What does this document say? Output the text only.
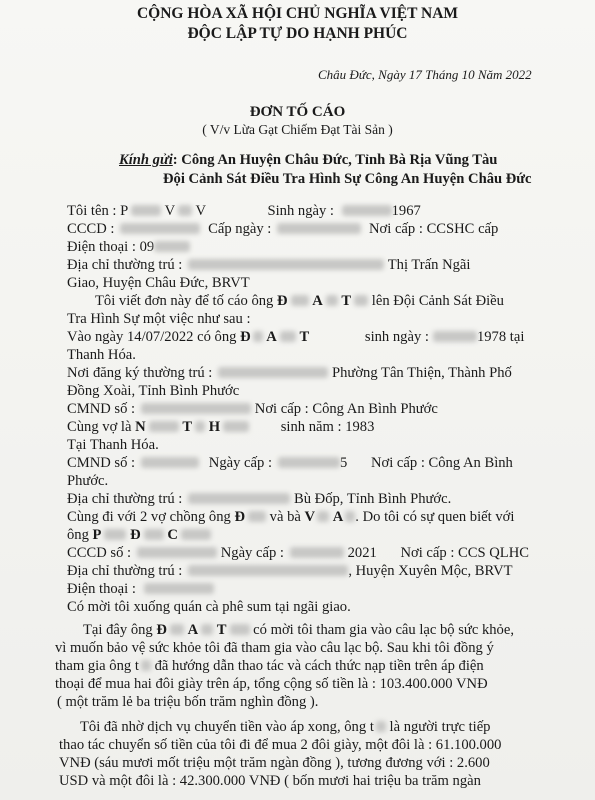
CỘNG HÒA XÃ HỘI CHỦ NGHĨA VIỆT NAM
ĐỘC LẬP TỰ DO HẠNH PHÚC
Châu Đức, Ngày 17 Tháng 10 Năm 2022
ĐƠN TỐ CÁO
( V/v Lừa Gạt Chiếm Đạt Tài Sản )
Kính gửi: Công An Huyện Châu Đức, Tỉnh Bà Rịa Vũng Tàu
Đội Cảnh Sát Điều Tra Hình Sự Công An Huyện Châu Đức
Tôi tên : P V V	Sinh ngày :	1967
CCCD :	Cấp ngày :	Nơi cấp : CCSHC cấp
Điện thoại : 09
Địa chỉ thường trú :	Thị Trấn Ngãi
Giao, Huyện Châu Đức, BRVT
Tôi viết đơn này để tố cáo ông Đ A T lên Đội Cảnh Sát Điều
Tra Hình Sự một việc như sau :
Vào ngày 14/07/2022 có ông Đ A T	sinh ngày :	1978 tại
Thanh Hóa.
Nơi đăng ký thường trú :	Phường Tân Thiện, Thành Phố
Đồng Xoài, Tỉnh Bình Phước
CMND số :	Nơi cấp : Công An Bình Phước
Cùng vợ là N	T H	sinh năm : 1983
Tại Thanh Hóa.
CMND số :	Ngày cấp :	5 Nơi cấp : Công An Bình
Phước.
Địa chỉ thường trú :	Bù Đốp, Tỉnh Bình Phước.
Cùng đi với 2 vợ chồng ông Đ và bà V A . Do tôi có sự quen biết với
ông P Đ C
CCCD số :	Ngày cấp :	2021 Nơi cấp : CCS QLHC
Địa chỉ thường trú :	, Huyện Xuyên Mộc, BRVT
Điện thoại :
Có mời tôi xuống quán cà phê sum tại ngãi giao.
Tại đây ông Đ A T có mời tôi tham gia vào câu lạc bộ sức khỏe,
vì muốn bảo vệ sức khỏe tôi đã tham gia vào câu lạc bộ. Sau khi tôi đồng ý
tham gia ông t đã hướng dẫn thao tác và cách thức nạp tiền trên áp điện
thoại để mua hai đôi giày trên áp, tổng cộng số tiền là : 103.400.000 VNĐ
( một trăm lẻ ba triệu bốn trăm nghìn đồng ).
Tôi đã nhờ dịch vụ chuyển tiền vào áp xong, ông t là người trực tiếp
thao tác chuyển số tiền của tôi đi để mua 2 đôi giày, một đôi là : 61.100.000
VNĐ (sáu mươi mốt triệu một trăm ngàn đồng ), tương đương với : 2.600
USD và một đôi là : 42.300.000 VNĐ ( bốn mươi hai triệu ba trăm ngàn
